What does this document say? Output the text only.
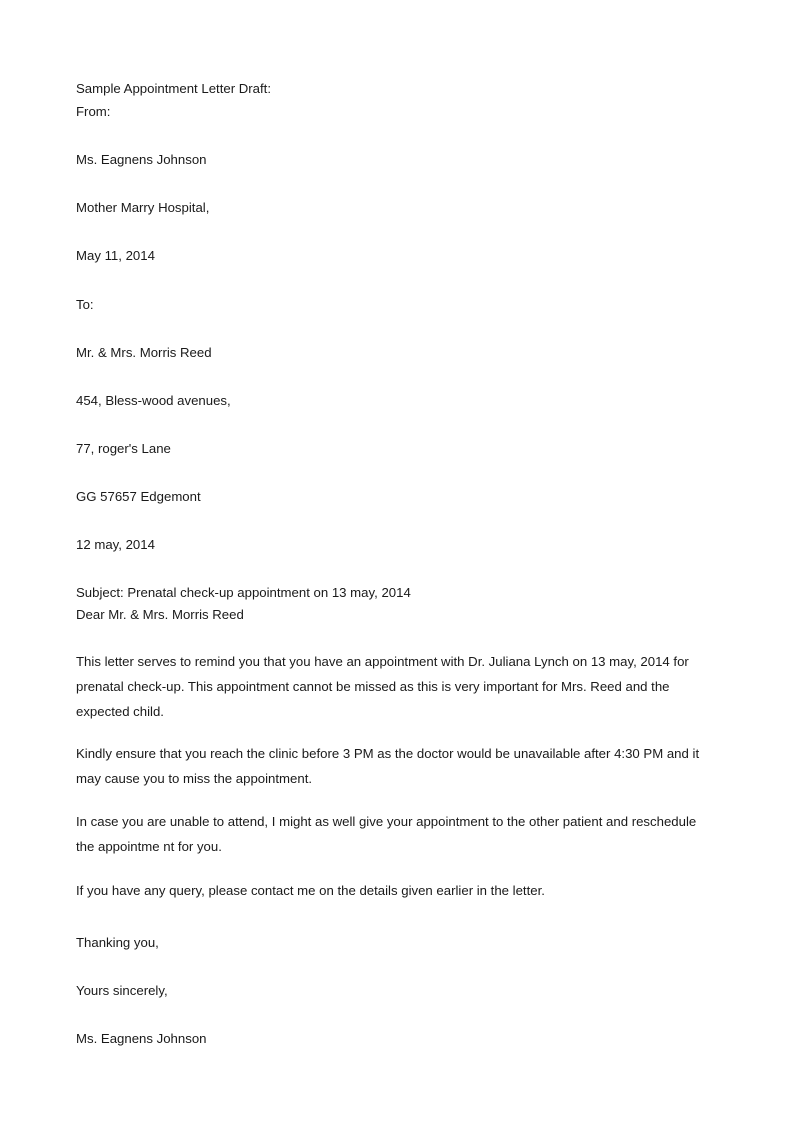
Sample Appointment Letter Draft:
From:
Ms. Eagnens Johnson
Mother Marry Hospital,
May 11, 2014
To:
Mr. & Mrs. Morris Reed
454, Bless-wood avenues,
77, roger's Lane
GG 57657 Edgemont
12 may, 2014
Subject: Prenatal check-up appointment on 13 may, 2014
Dear Mr. & Mrs. Morris Reed
This letter serves to remind you that you have an appointment with Dr. Juliana Lynch on 13 may, 2014 for prenatal check-up. This appointment cannot be missed as this is very important for Mrs. Reed and the expected child.
Kindly ensure that you reach the clinic before 3 PM as the doctor would be unavailable after 4:30 PM and it may cause you to miss the appointment.
In case you are unable to attend, I might as well give your appointment to the other patient and reschedule the appointme nt for you.
If you have any query, please contact me on the details given earlier in the letter.
Thanking you,
Yours sincerely,
Ms. Eagnens Johnson
